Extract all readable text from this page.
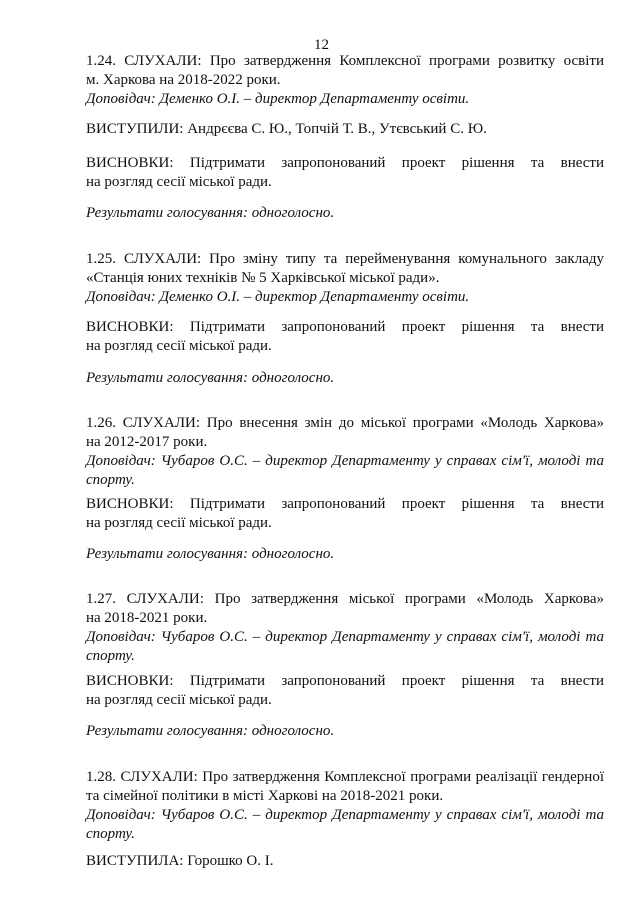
12
1.24. СЛУХАЛИ: Про затвердження Комплексної програми розвитку освіти
м. Харкова на 2018-2022 роки.
Доповідач: Деменко О.І. – директор Департаменту освіти.
ВИСТУПИЛИ: Андрєєва С. Ю., Топчій Т. В., Утєвський С. Ю.
ВИСНОВКИ: Підтримати запропонований проект рішення та внести
на розгляд сесії міської ради.
Результати голосування: одноголосно.
1.25. СЛУХАЛИ: Про зміну типу та перейменування комунального закладу
«Станція юних техніків № 5 Харківської міської ради».
Доповідач: Деменко О.І. – директор Департаменту освіти.
ВИСНОВКИ: Підтримати запропонований проект рішення та внести
на розгляд сесії міської ради.
Результати голосування: одноголосно.
1.26. СЛУХАЛИ: Про внесення змін до міської програми «Молодь Харкова»
на 2012-2017 роки.
Доповідач: Чубаров О.С. – директор Департаменту у справах сім'ї, молоді та
спорту.
ВИСНОВКИ: Підтримати запропонований проект рішення та внести
на розгляд сесії міської ради.
Результати голосування: одноголосно.
1.27. СЛУХАЛИ: Про затвердження міської програми «Молодь Харкова»
на 2018-2021 роки.
Доповідач: Чубаров О.С. – директор Департаменту у справах сім'ї, молоді та
спорту.
ВИСНОВКИ: Підтримати запропонований проект рішення та внести
на розгляд сесії міської ради.
Результати голосування: одноголосно.
1.28. СЛУХАЛИ: Про затвердження Комплексної програми реалізації гендерної
та сімейної політики в місті Харкові на 2018-2021 роки.
Доповідач: Чубаров О.С. – директор Департаменту у справах сім'ї, молоді та
спорту.
ВИСТУПИЛА: Горошко О. І.
